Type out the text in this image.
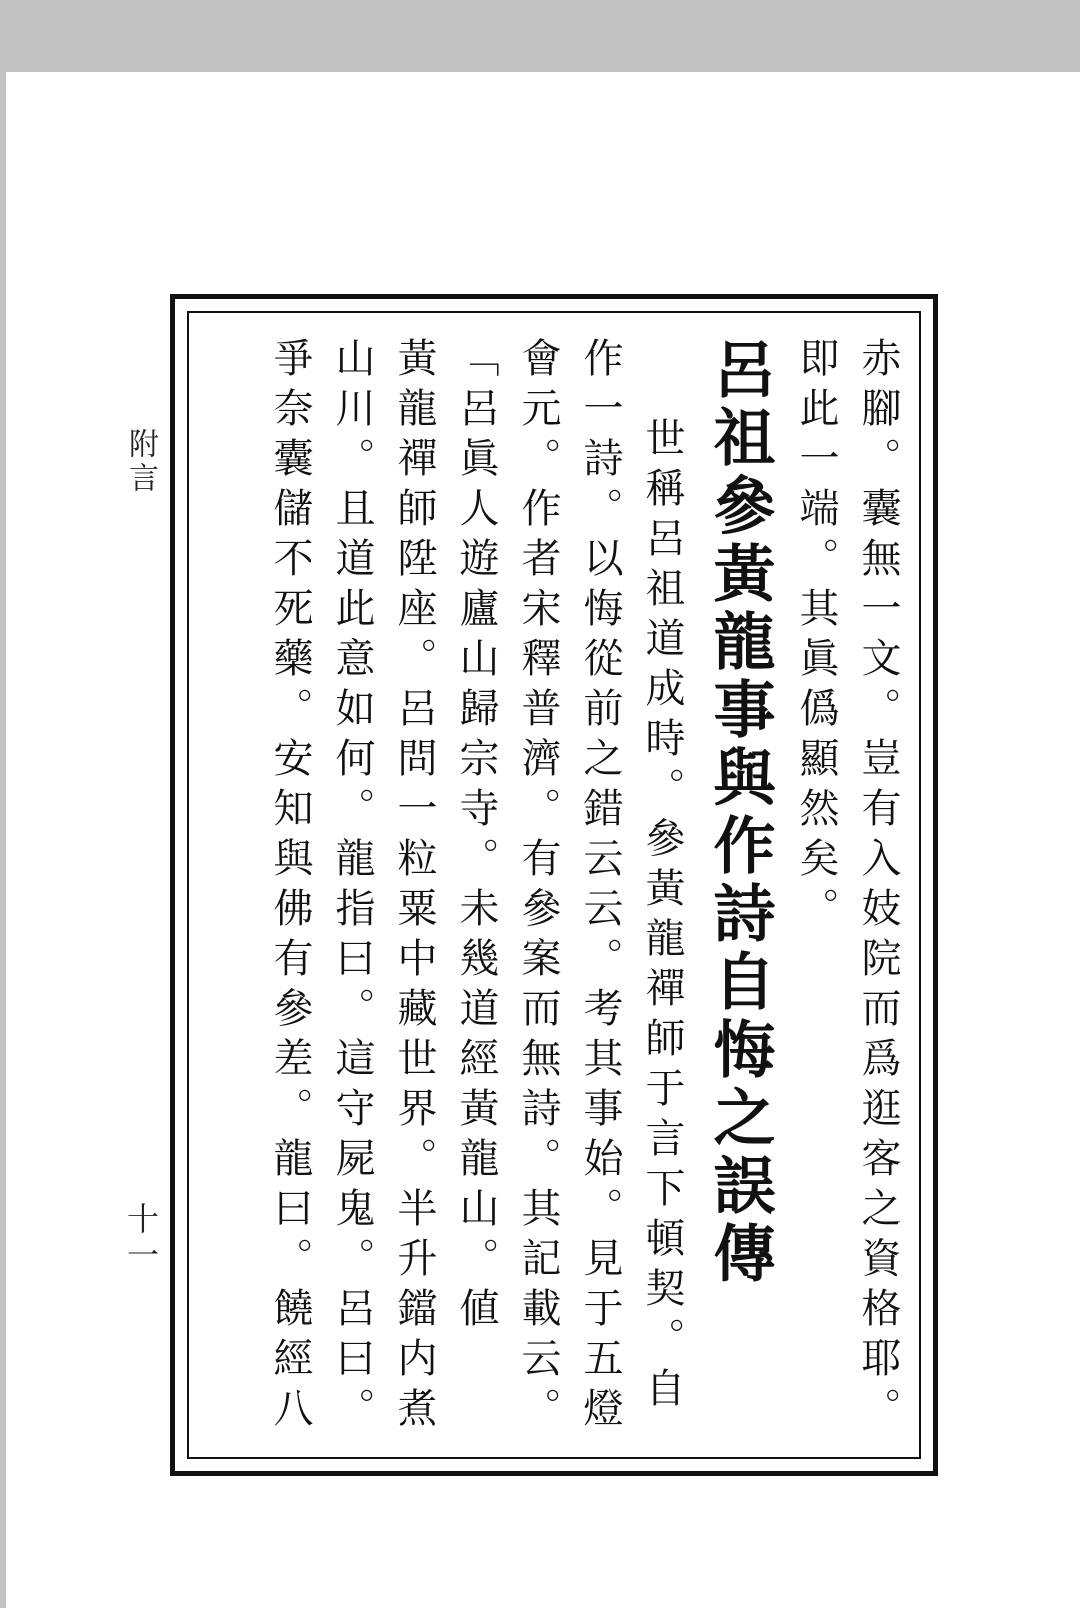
附言
十一	赤腳。囊無一文。豈有入妓院而爲逛客之資格耶。
即此一端。其眞僞顯然矣。
呂祖參黃龍事與作詩自悔之誤傳
世稱呂祖道成時。參黃龍禪師于言下頓契。自
作一詩。以悔從前之錯云云。考其事始。見于五燈
會元。作者宋釋普濟。有參案而無詩。其記載云。
「呂眞人遊廬山歸宗寺。未幾道經黃龍山。値
黃龍禪師陞座。呂問一粒粟中藏世界。半升鐺内煮
山川。且道此意如何。龍指曰。這守屍鬼。呂曰。
爭奈囊儲不死藥。安知與佛有參差。龍曰。饒經八
